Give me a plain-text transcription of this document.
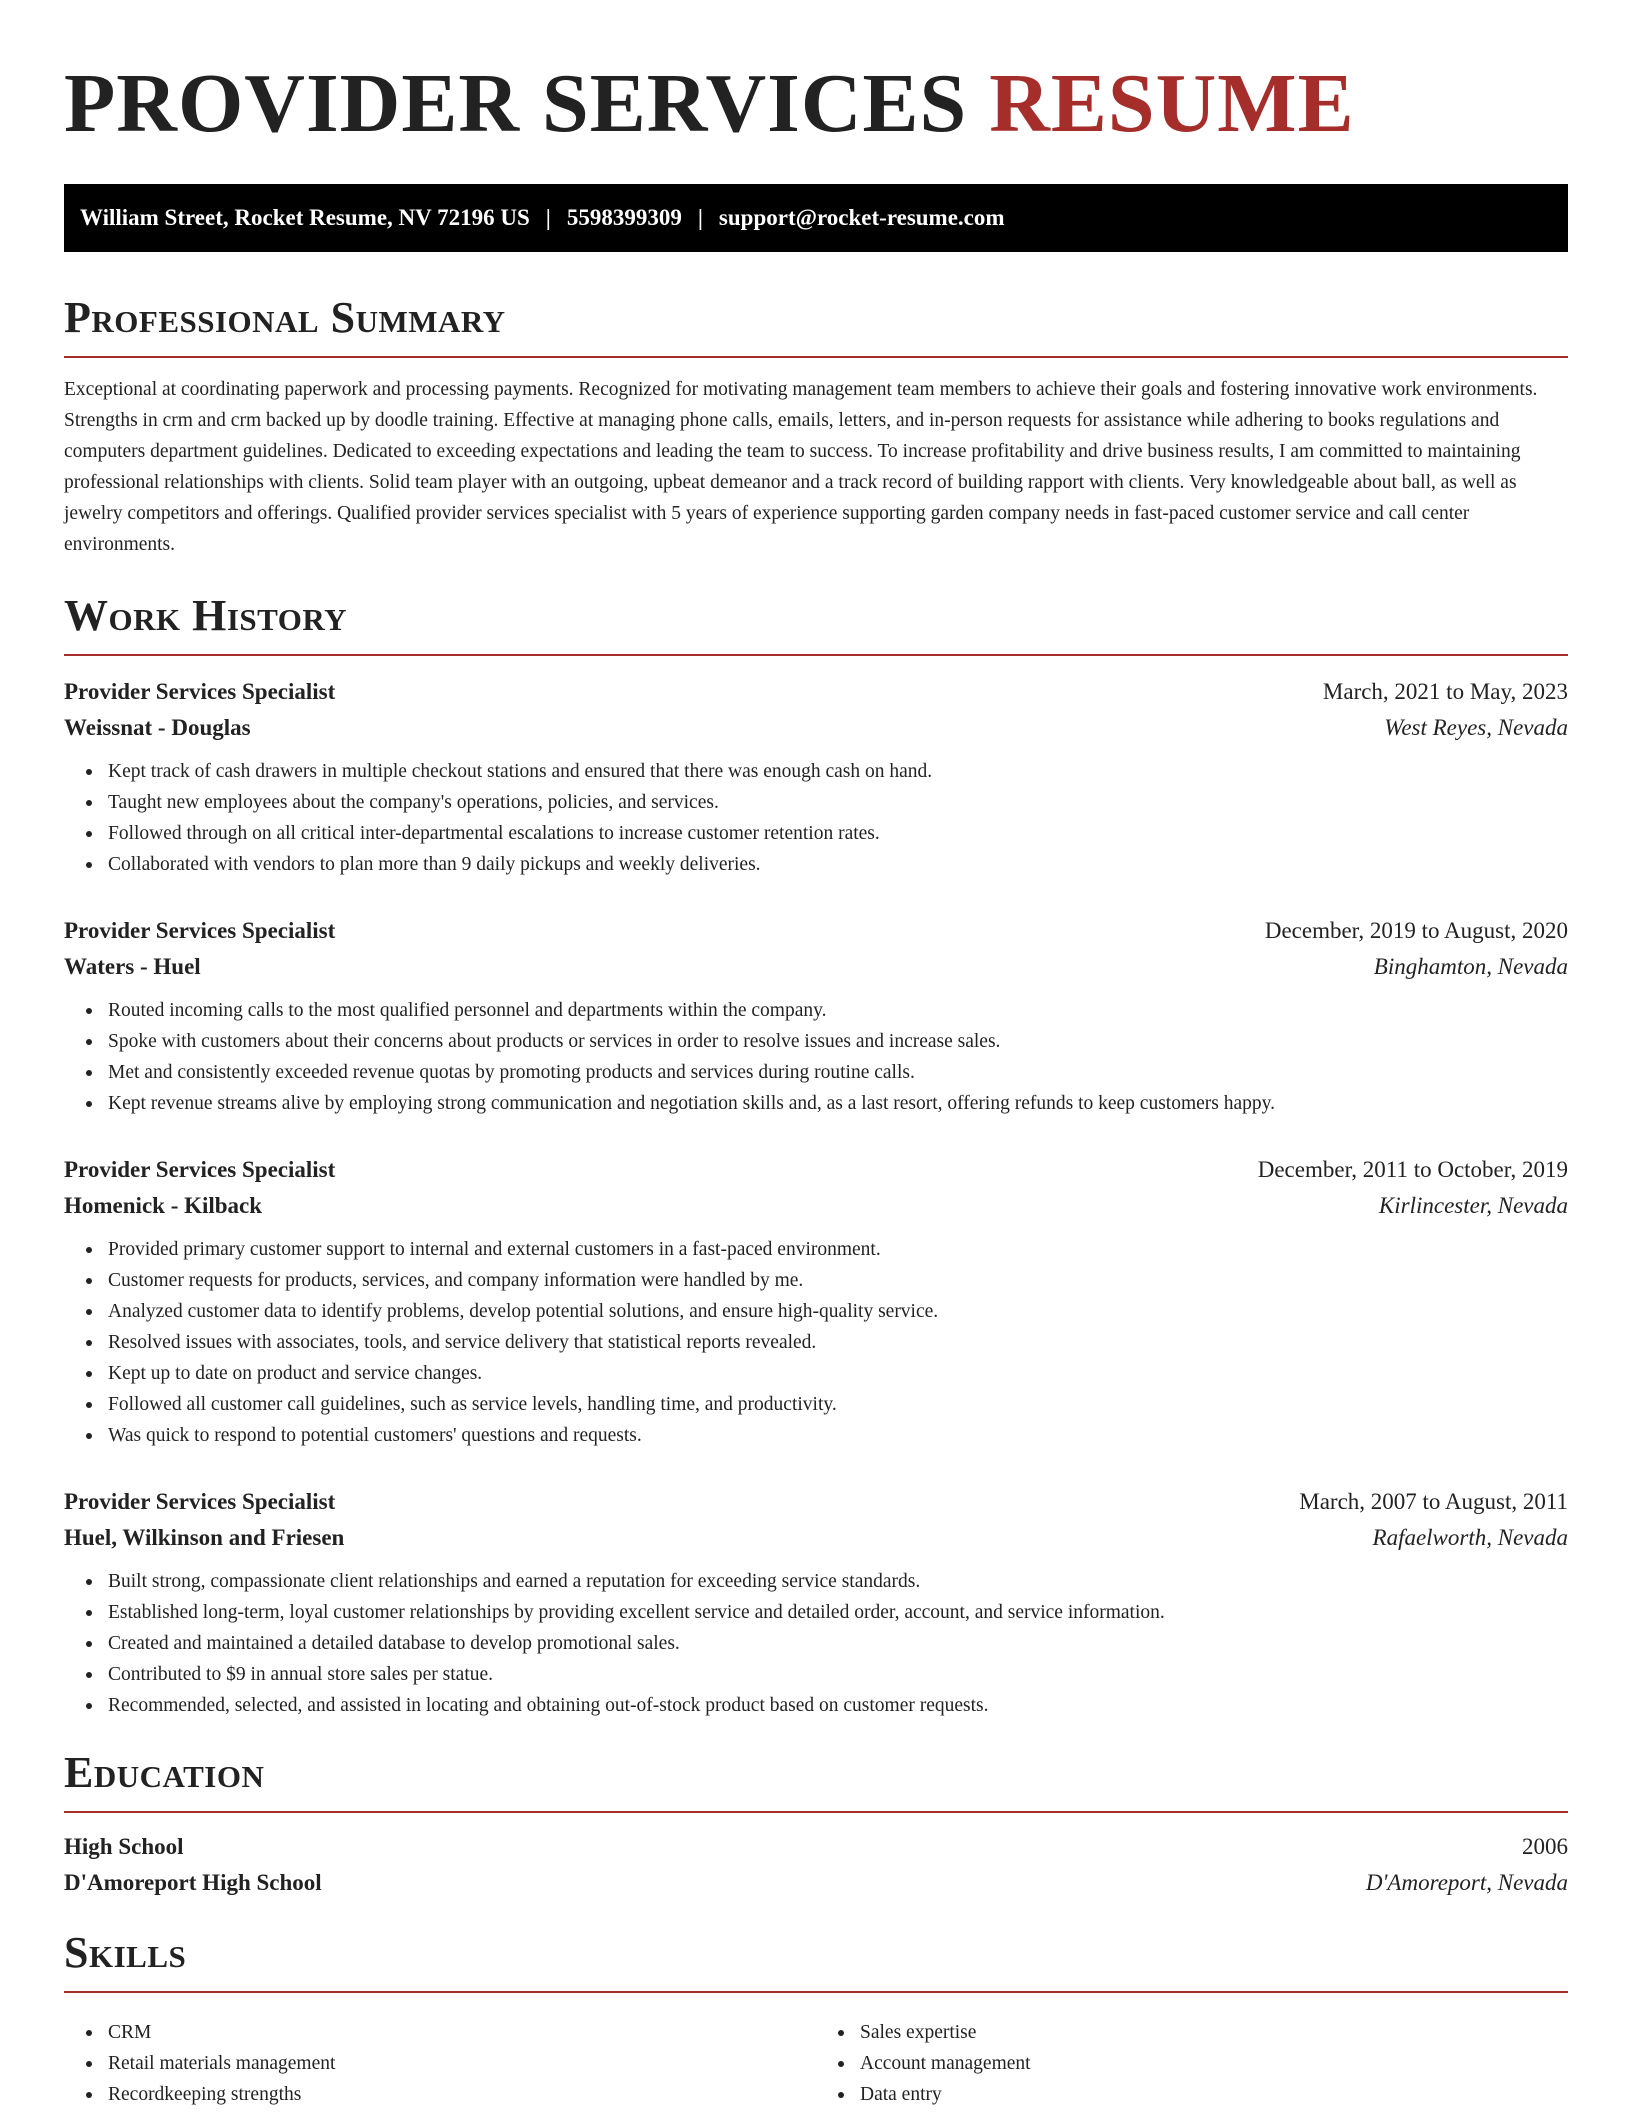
PROVIDER SERVICES RESUME
William Street, Rocket Resume, NV 72196 US | 5598399309 | support@rocket-resume.com
Professional Summary

Exceptional at coordinating paperwork and processing payments. Recognized for motivating management team members to achieve their goals and fostering innovative work environments. Strengths in crm and crm backed up by doodle training. Effective at managing phone calls, emails, letters, and in-person requests for assistance while adhering to books regulations and computers department guidelines. Dedicated to exceeding expectations and leading the team to success. To increase profitability and drive business results, I am committed to maintaining professional relationships with clients. Solid team player with an outgoing, upbeat demeanor and a track record of building rapport with clients. Very knowledgeable about ball, as well as jewelry competitors and offerings. Qualified provider services specialist with 5 years of experience supporting garden company needs in fast-paced customer service and call center environments.

Work History
Provider Services Specialist	March, 2021 to May, 2023
Weissnat - Douglas	West Reyes, Nevada
Kept track of cash drawers in multiple checkout stations and ensured that there was enough cash on hand.
Taught new employees about the company's operations, policies, and services.
Followed through on all critical inter-departmental escalations to increase customer retention rates.
Collaborated with vendors to plan more than 9 daily pickups and weekly deliveries.
Provider Services Specialist	December, 2019 to August, 2020
Waters - Huel	Binghamton, Nevada
Routed incoming calls to the most qualified personnel and departments within the company.
Spoke with customers about their concerns about products or services in order to resolve issues and increase sales.
Met and consistently exceeded revenue quotas by promoting products and services during routine calls.
Kept revenue streams alive by employing strong communication and negotiation skills and, as a last resort, offering refunds to keep customers happy.
Provider Services Specialist	December, 2011 to October, 2019
Homenick - Kilback	Kirlincester, Nevada
Provided primary customer support to internal and external customers in a fast-paced environment.
Customer requests for products, services, and company information were handled by me.
Analyzed customer data to identify problems, develop potential solutions, and ensure high-quality service.
Resolved issues with associates, tools, and service delivery that statistical reports revealed.
Kept up to date on product and service changes.
Followed all customer call guidelines, such as service levels, handling time, and productivity.
Was quick to respond to potential customers' questions and requests.
Provider Services Specialist	March, 2007 to August, 2011
Huel, Wilkinson and Friesen	Rafaelworth, Nevada
Built strong, compassionate client relationships and earned a reputation for exceeding service standards.
Established long-term, loyal customer relationships by providing excellent service and detailed order, account, and service information.
Created and maintained a detailed database to develop promotional sales.
Contributed to $9 in annual store sales per statue.
Recommended, selected, and assisted in locating and obtaining out-of-stock product based on customer requests.
Education
High School	2006
D'Amoreport High School	D'Amoreport, Nevada
Skills
CRM
Retail materials management
Recordkeeping strengths
Sales expertise
Account management
Data entry
